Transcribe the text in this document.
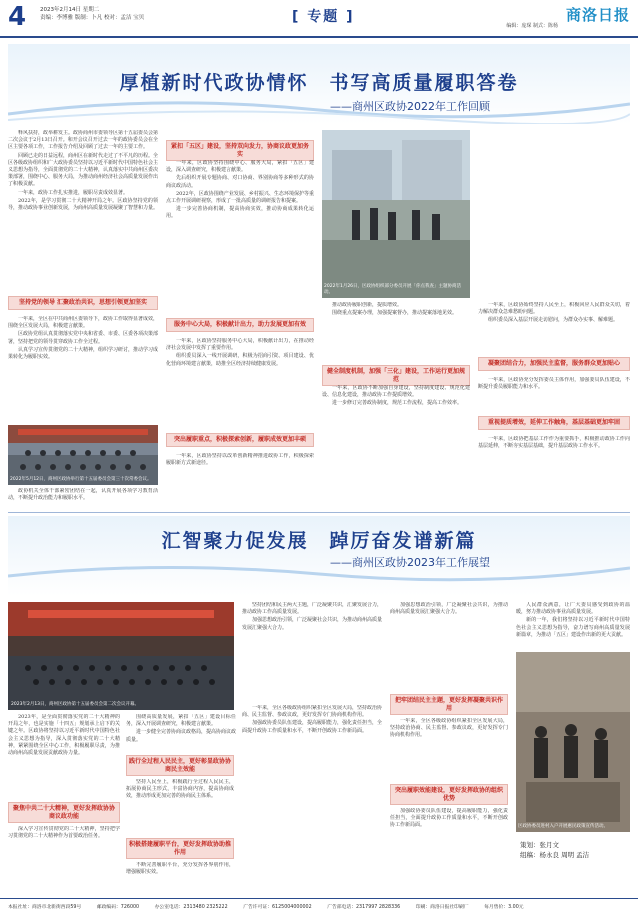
4	2023年2月14日 星期二
责编：李博雅 版制：卜凡 校对：孟洁 宝贝	[ 专题 ]
编辑：庞琛 制式：陈杨
商洛日报
厚植新时代政协情怀　书写高质量履职答卷
——商州区政协2022年工作回顾

释风扶持，政举耕发主。政协商州市委领导区第十五届委员会第二次会议于2月13日召开。和开会议召开过去一年的政协委员会在全区主要各项工作，工作报告介绍及回顾了过去一年的主要工作。

回顾已走的日益远程，商州区在新时代走过了不平凡的历程。全区各级政协组织和广大政协委员坚持以习近平新时代中国特色社会主义思想为指导，全面贯彻党的二十大精神，认真落实中共商州区委决策部署，围绕中心、服务大局，为推动商州经济社会高质量发展作出了积极贡献。

一年来，政协工作扎实推进，履职尽责成效显著。

2022年，是学习贯彻二十大精神开局之年。区政协坚持党的领导，推动政协事业创新发展，为商州高质量发展凝聚了智慧和力量。

坚持党的领导 汇聚政治共识，思想引领更加坚实

一年来，全区在中共商州区委领导下，政协工作取得显著成效，围绕全区发展大局，积极建言献策。

区政协党组认真贯彻落实党中央和省委、市委、区委各项决策部署，坚持把党的领导贯穿政协工作全过程。

认真学习宣传贯彻党的二十大精神，组织学习研讨，推动学习成果转化为履职实效。

2022年5月12日，商州区政协举行第十五届委员会第三十次常委会议。

政协机关全体干部紧密团结在一起，认真开展各项学习教育活动，不断提升政治能力和履职水平。

紧扣「五区」建设，坚持双向发力，协商议政更加务实

一年来，区政协坚持围绕中心、服务大局，紧扣「五区」建设，深入调查研究，积极建言献策。

先后组织开展专题协商、对口协商、界别协商等多种形式的协商议政活动。

2022年，区政协围绕产业发展、乡村振兴、生态环境保护等重点工作开展调研视察，形成了一批高质量的调研报告和提案。

进一步完善协商机制，提高协商实效，推动协商成果转化运用。

服务中心大局，积极献计出力，助力发展更加有效

一年来，区政协坚持服务中心大局，积极献计出力，在推动经济社会发展中发挥了重要作用。

组织委员深入一线开展调研，积极为招商引资、项目建设、优化营商环境建言献策，助推全区经济持续健康发展。

突出履职重点，积极探索创新，履职成效更加丰硕

一年来，区政协坚持以改革创新精神推进政协工作，积极探索履职新方式新途径。

2022年1月26日，区政协组织部分委员开展「你点我查」主题协商活动。

推动政协履职创新，提质增效。

围绕重点提案办理，加强提案督办，推动提案落地见效。

健全制度机制，加强「三化」建设，工作运行更加规范

一年来，区政协不断加强自身建设，坚持制度建设、规范化建设、信息化建设，推动政协工作提质增效。

进一步修订完善政协制度，规范工作流程，提高工作效率。

一年来，区政协始终坚持人民至上，积极回应人民群众关切，着力解决群众急难愁盼问题。

组织委员深入基层开展走访慰问，为群众办实事、解难题。

凝聚团结合力，加强民主监督，服务群众更加贴心

一年来，区政协充分发挥委员主体作用，加强委员队伍建设，不断提升委员履职能力和水平。

重视提质增效，延伸工作触角，基层基础更加牢固

一年来，区政协把基层工作作为重要抓手，积极推动政协工作向基层延伸，不断夯实基层基础，提升基层政协工作水平。

汇智聚力促发展　踔厉奋发谱新篇
——商州区政协2023年工作展望
2023年2月13日，商州区政协第十五届委员会第二次会议开幕。

2023年，是全面贯彻落实党的二十大精神的开局之年，也是实施「十四五」规划承上启下的关键之年。区政协将坚持以习近平新时代中国特色社会主义思想为指导，深入贯彻落实党的二十大精神，紧紧围绕全区中心工作，积极履职尽责，为推动商州高质量发展贡献政协力量。

聚焦中共二十大精神，更好发挥政协协商议政功能

深入学习宣传贯彻党的二十大精神，坚持把学习贯彻党的二十大精神作为首要政治任务。

围绕高质量发展，紧扣「五区」建设目标任务，深入开展调查研究，积极建言献策。

进一步健全完善协商议政格局，提高协商议政质量。

践行全过程人民民主，更好彰显政协协商民主效能

坚持人民至上，积极践行全过程人民民主，拓展协商民主形式，丰富协商内容，提高协商成效，推动形成更加完善的协商民主体系。

积极搭建履职平台，更好发挥政协助推作用

不断完善履职平台，充分发挥各界别作用，增强履职实效。

坚持团结和民主两大主题，广泛凝聚共识，汇聚发展合力，推动政协工作高质量发展。

加强思想政治引领，广泛凝聚社会共识，为推动商州高质量发展汇聚强大合力。

一年来，全区各级政协组织紧扣全区发展大局，坚持政治协商、民主监督、参政议政，更好发挥专门协商机构作用。

加强政协委员队伍建设，提高履职能力，强化责任担当，全面提升政协工作质量和水平，不断开创政协工作新局面。

加强思想政治引领，广泛凝聚社会共识，为推动商州高质量发展汇聚强大合力。

把牢团结民主主题，更好发挥凝聚共识作用

一年来，全区各级政协组织紧扣全区发展大局，坚持政治协商、民主监督、参政议政，更好发挥专门协商机构作用。

突出履职效能建设，更好发挥政协的组织优势

加强政协委员队伍建设，提高履职能力，强化责任担当，全面提升政协工作质量和水平，不断开创政协工作新局面。

人民群众满意，让广大委员感受到政协的温暖，努力推动政协事业高质量发展。

新的一年，我们将坚持以习近平新时代中国特色社会主义思想为指导，奋力谱写商州高质量发展新篇章，为推动「五区」建设作出新的更大贡献。

区政协委员进村入户开展惠民政策宣传活动。
策划：张月文
组稿：杨永良 周明 孟洁
本报社址：商洛市北新街西段59号	邮政编码：726000	办公室电话：2313480 2325222	广告许可证：6125004000002	广告部电话：2317997 2828336	印刷：商洛日报社印刷厂	每月售价：3.00元
